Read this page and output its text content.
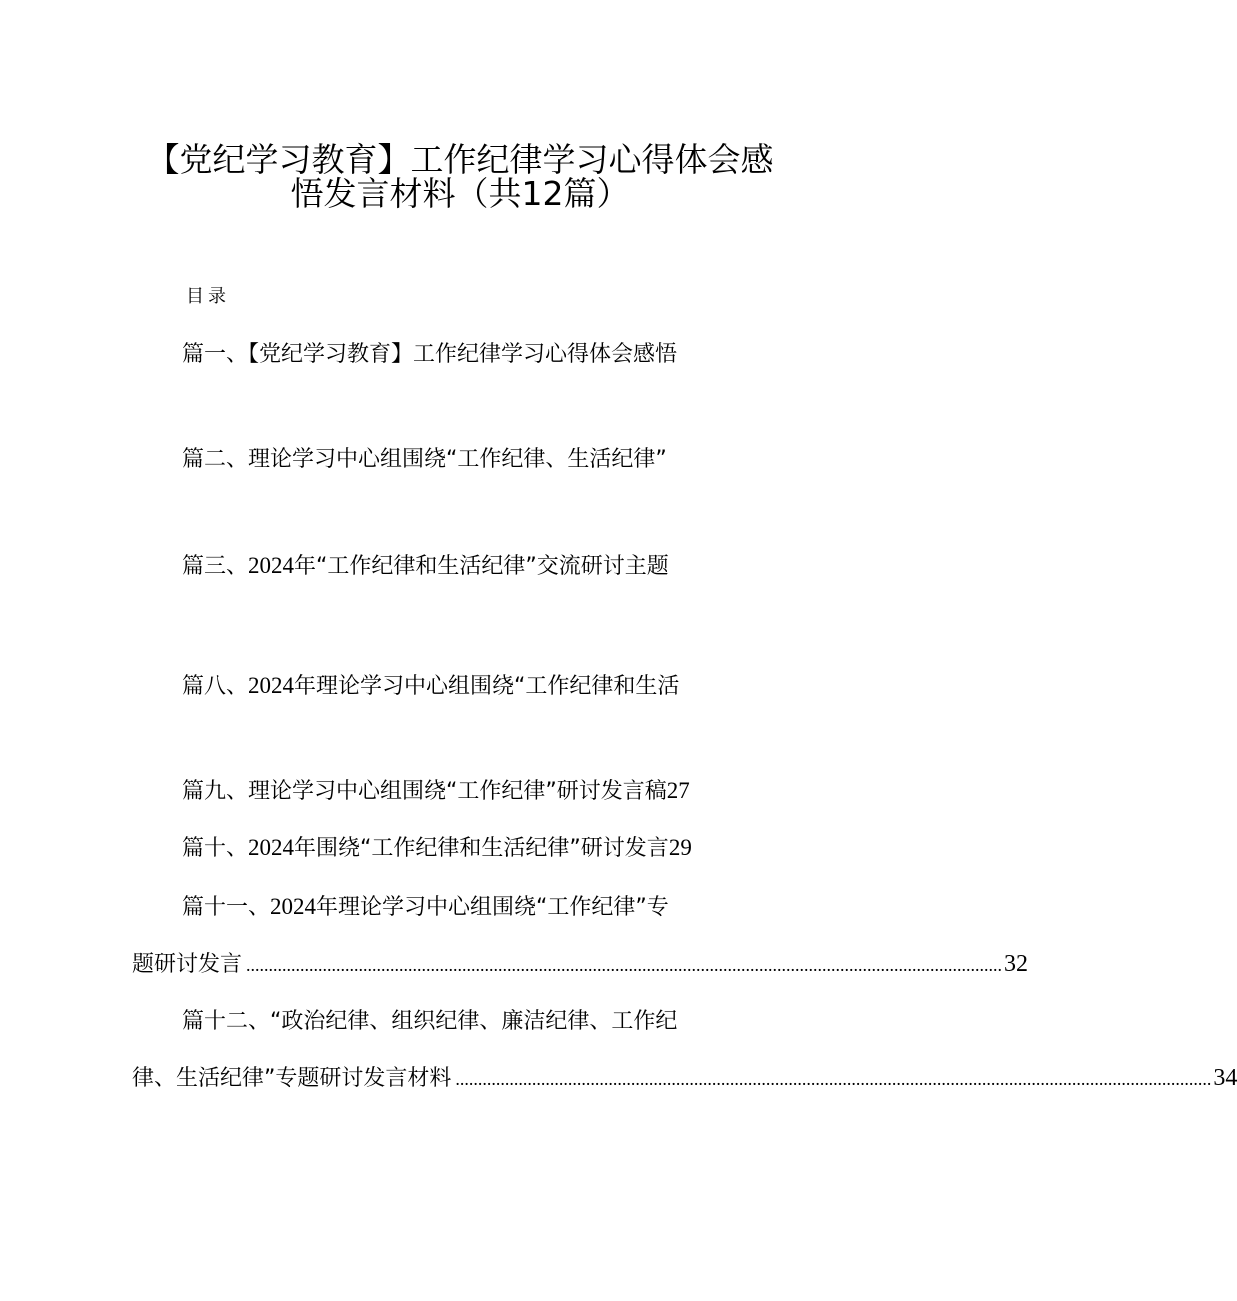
【党纪学习教育】工作纪律学习心得体会感
悟发言材料（共12篇）
目录
篇一、【党纪学习教育】工作纪律学习心得体会感悟
篇二、理论学习中心组围绕“工作纪律、生活纪律”
篇三、2024年“工作纪律和生活纪律”交流研讨主题
篇八、2024年理论学习中心组围绕“工作纪律和生活
篇九、理论学习中心组围绕“工作纪律”研讨发言稿27
篇十、2024年围绕“工作纪律和生活纪律”研讨发言29
篇十一、2024年理论学习中心组围绕“工作纪律”专
题研讨发言 ........................................................................................................................................................................ 32
篇十二、“政治纪律、组织纪律、廉洁纪律、工作纪
律、生活纪律”专题研讨发言材料 ........................................................................................................................................................................ 34
